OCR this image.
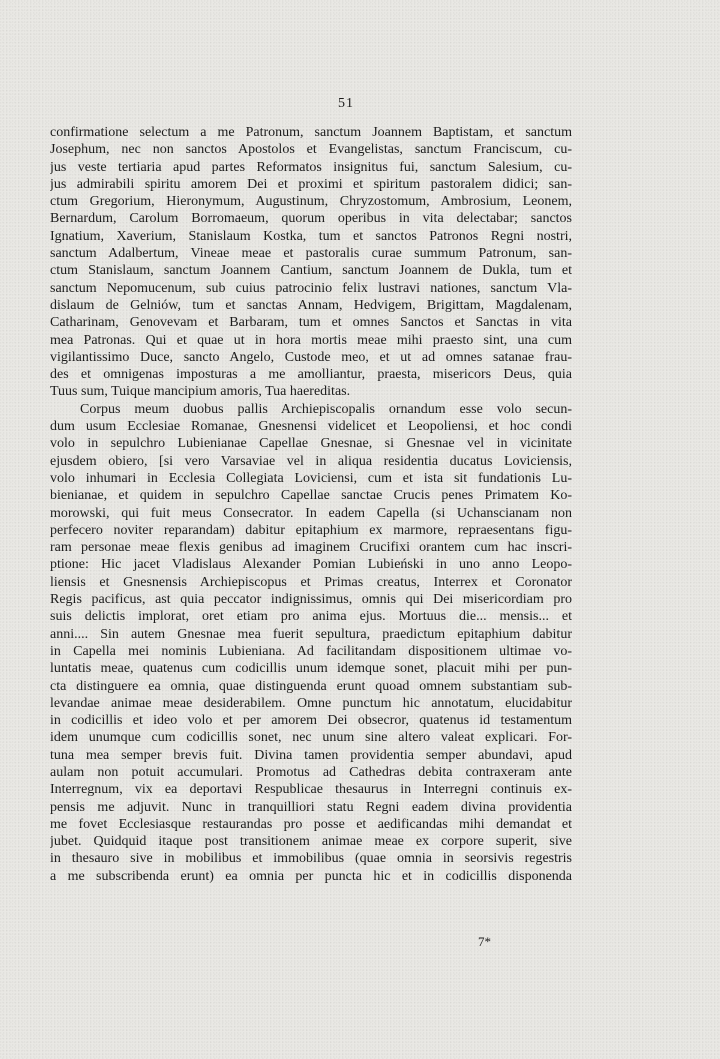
51
confirmatione selectum a me Patronum, sanctum Joannem Baptistam, et sanctum
Josephum, nec non sanctos Apostolos et Evangelistas, sanctum Franciscum, cu-
jus veste tertiaria apud partes Reformatos insignitus fui, sanctum Salesium, cu-
jus admirabili spiritu amorem Dei et proximi et spiritum pastoralem didici; san-
ctum Gregorium, Hieronymum, Augustinum, Chryzostomum, Ambrosium, Leonem,
Bernardum, Carolum Borromaeum, quorum operibus in vita delectabar; sanctos
Ignatium, Xaverium, Stanislaum Kostka, tum et sanctos Patronos Regni nostri,
sanctum Adalbertum, Vineae meae et pastoralis curae summum Patronum, san-
ctum Stanislaum, sanctum Joannem Cantium, sanctum Joannem de Dukla, tum et
sanctum Nepomucenum, sub cuius patrocinio felix lustravi nationes, sanctum Vla-
dislaum de Gelniów, tum et sanctas Annam, Hedvigem, Brigittam, Magdalenam,
Catharinam, Genovevam et Barbaram, tum et omnes Sanctos et Sanctas in vita
mea Patronas. Qui et quae ut in hora mortis meae mihi praesto sint, una cum
vigilantissimo Duce, sancto Angelo, Custode meo, et ut ad omnes satanae frau-
des et omnigenas imposturas a me amolliantur, praesta, misericors Deus, quia
Tuus sum, Tuique mancipium amoris, Tua haereditas.
Corpus meum duobus pallis Archiepiscopalis ornandum esse volo secun-
dum usum Ecclesiae Romanae, Gnesnensi videlicet et Leopoliensi, et hoc condi
volo in sepulchro Lubienianae Capellae Gnesnae, si Gnesnae vel in vicinitate
ejusdem obiero, [si vero Varsaviae vel in aliqua residentia ducatus Loviciensis,
volo inhumari in Ecclesia Collegiata Loviciensi, cum et ista sit fundationis Lu-
bienianae, et quidem in sepulchro Capellae sanctae Crucis penes Primatem Ko-
morowski, qui fuit meus Consecrator. In eadem Capella (si Uchanscianam non
perfecero noviter reparandam) dabitur epitaphium ex marmore, repraesentans figu-
ram personae meae flexis genibus ad imaginem Crucifixi orantem cum hac inscri-
ptione: Hic jacet Vladislaus Alexander Pomian Lubieński in uno anno Leopo-
liensis et Gnesnensis Archiepiscopus et Primas creatus, Interrex et Coronator
Regis pacificus, ast quia peccator indignissimus, omnis qui Dei misericordiam pro
suis delictis implorat, oret etiam pro anima ejus. Mortuus die... mensis... et
anni.... Sin autem Gnesnae mea fuerit sepultura, praedictum epitaphium dabitur
in Capella mei nominis Lubieniana. Ad facilitandam dispositionem ultimae vo-
luntatis meae, quatenus cum codicillis unum idemque sonet, placuit mihi per pun-
cta distinguere ea omnia, quae distinguenda erunt quoad omnem substantiam sub-
levandae animae meae desiderabilem. Omne punctum hic annotatum, elucidabitur
in codicillis et ideo volo et per amorem Dei obsecror, quatenus id testamentum
idem unumque cum codicillis sonet, nec unum sine altero valeat explicari. For-
tuna mea semper brevis fuit. Divina tamen providentia semper abundavi, apud
aulam non potuit accumulari. Promotus ad Cathedras debita contraxeram ante
Interregnum, vix ea deportavi Respublicae thesaurus in Interregni continuis ex-
pensis me adjuvit. Nunc in tranquilliori statu Regni eadem divina providentia
me fovet Ecclesiasque restaurandas pro posse et aedificandas mihi demandat et
jubet. Quidquid itaque post transitionem animae meae ex corpore superit, sive
in thesauro sive in mobilibus et immobilibus (quae omnia in seorsivis regestris
a me subscribenda erunt) ea omnia per puncta hic et in codicillis disponenda
7*
